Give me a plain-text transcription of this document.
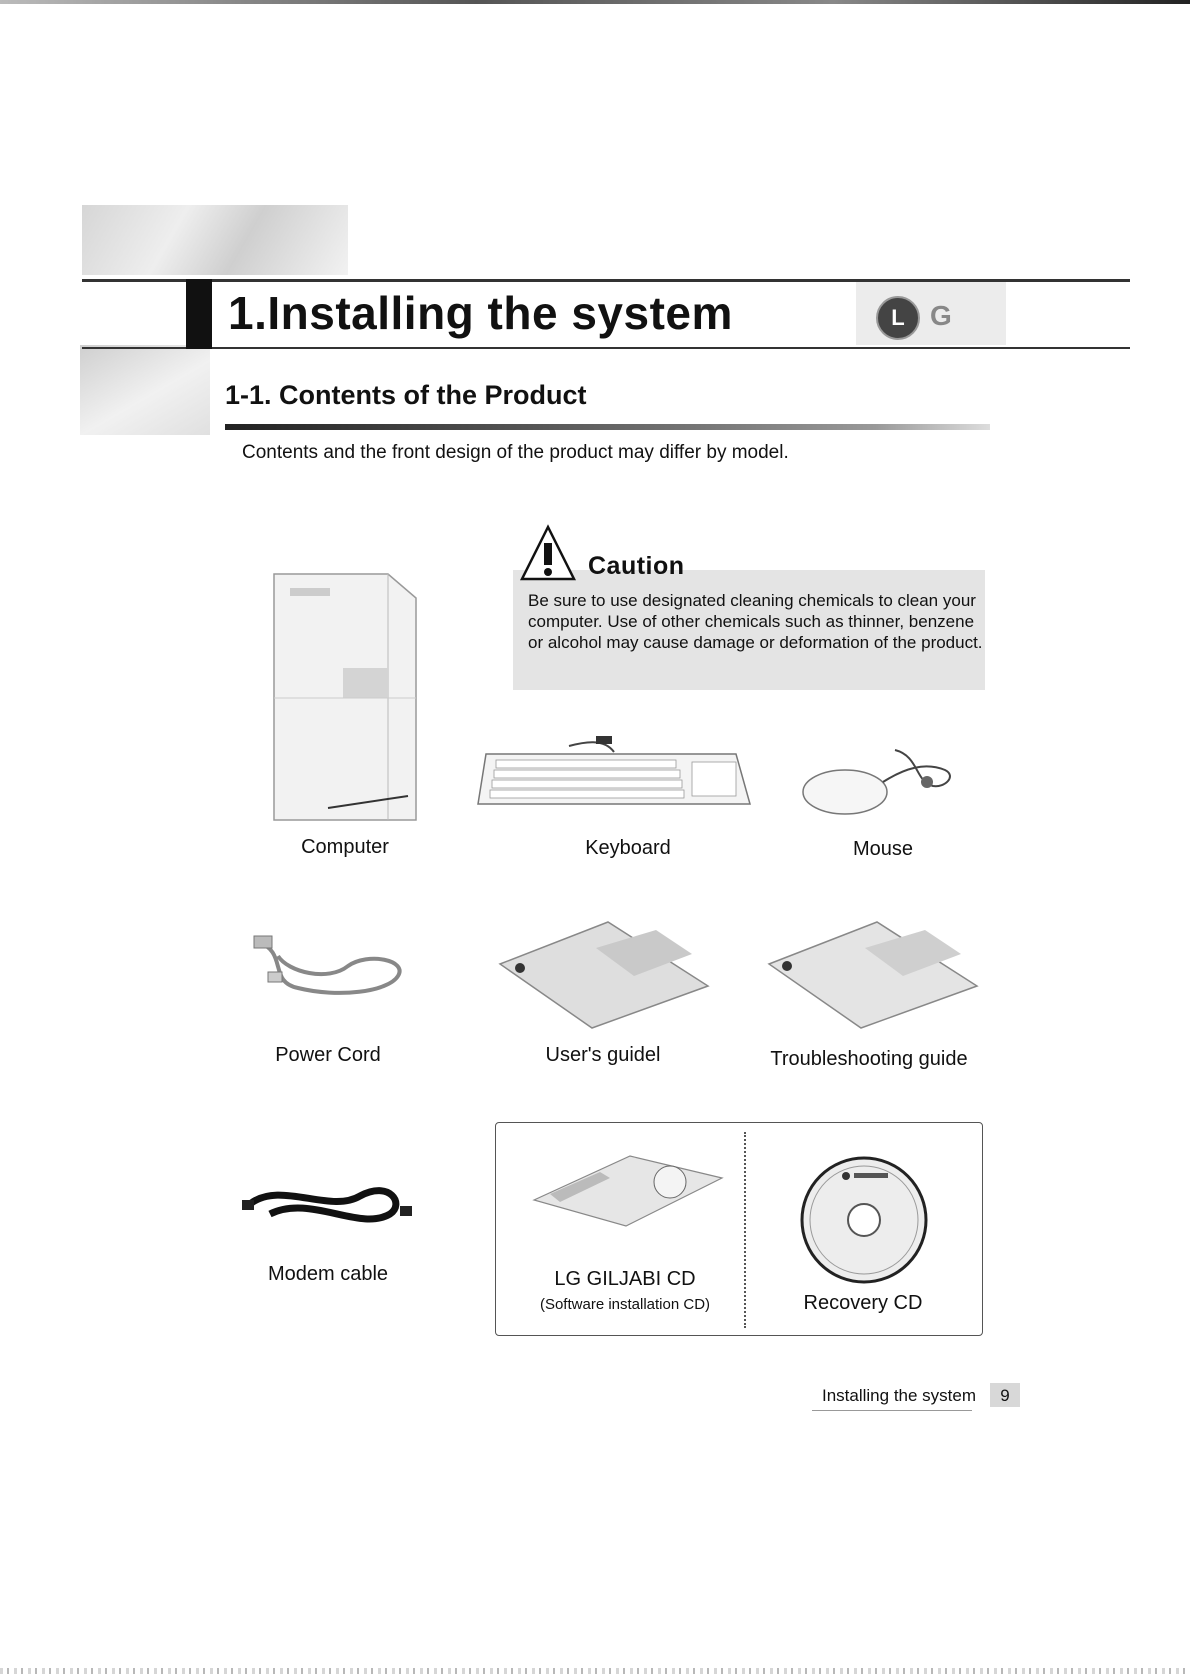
1.Installing the system	L G
1-1. Contents of the Product
Contents and the front design of the product may differ by model.
Caution
Be sure to use designated cleaning chemicals to clean your computer. Use of other chemicals such as thinner, benzene or alcohol may cause damage or deformation of the product.
Computer	Keyboard	Mouse
Power Cord	User's guidel	Troubleshooting guide
Modem cable	LG GILJABI CD
(Software installation CD)	Recovery CD
Installing the system	9
